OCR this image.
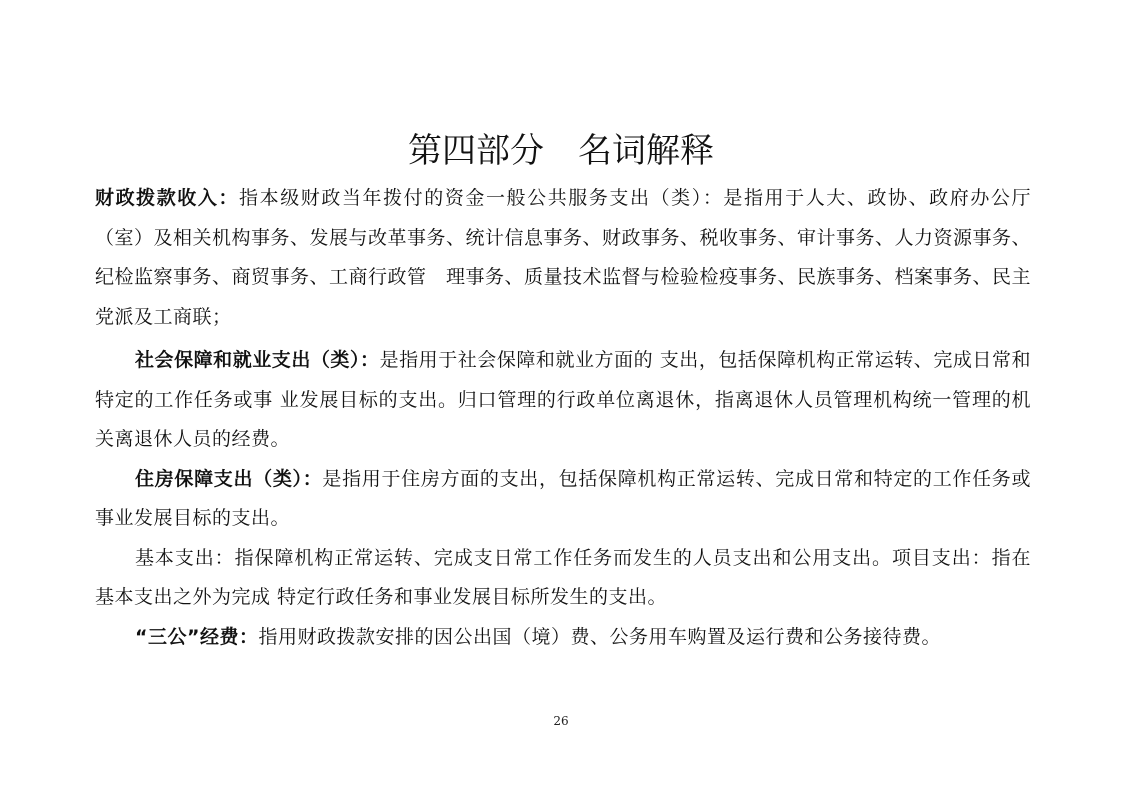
第四部分　名词解释

财政拨款收入：指本级财政当年拨付的资金一般公共服务支出（类）：是指用于人大、政协、政府办公厅（室）及相关机构事务、发展与改革事务、统计信息事务、财政事务、税收事务、审计事务、人力资源事务、纪检监察事务、商贸事务、工商行政管　理事务、质量技术监督与检验检疫事务、民族事务、档案事务、民主党派及工商联；

社会保障和就业支出（类）：是指用于社会保障和就业方面的 支出，包括保障机构正常运转、完成日常和特定的工作任务或事 业发展目标的支出。归口管理的行政单位离退休，指离退休人员管理机构统一管理的机关离退休人员的经费。

住房保障支出（类）：是指用于住房方面的支出，包括保障机构正常运转、完成日常和特定的工作任务或事业发展目标的支出。

基本支出：指保障机构正常运转、完成支日常工作任务而发生的人员支出和公用支出。项目支出：指在基本支出之外为完成 特定行政任务和事业发展目标所发生的支出。

“三公”经费：指用财政拨款安排的因公出国（境）费、公务用车购置及运行费和公务接待费。

26
